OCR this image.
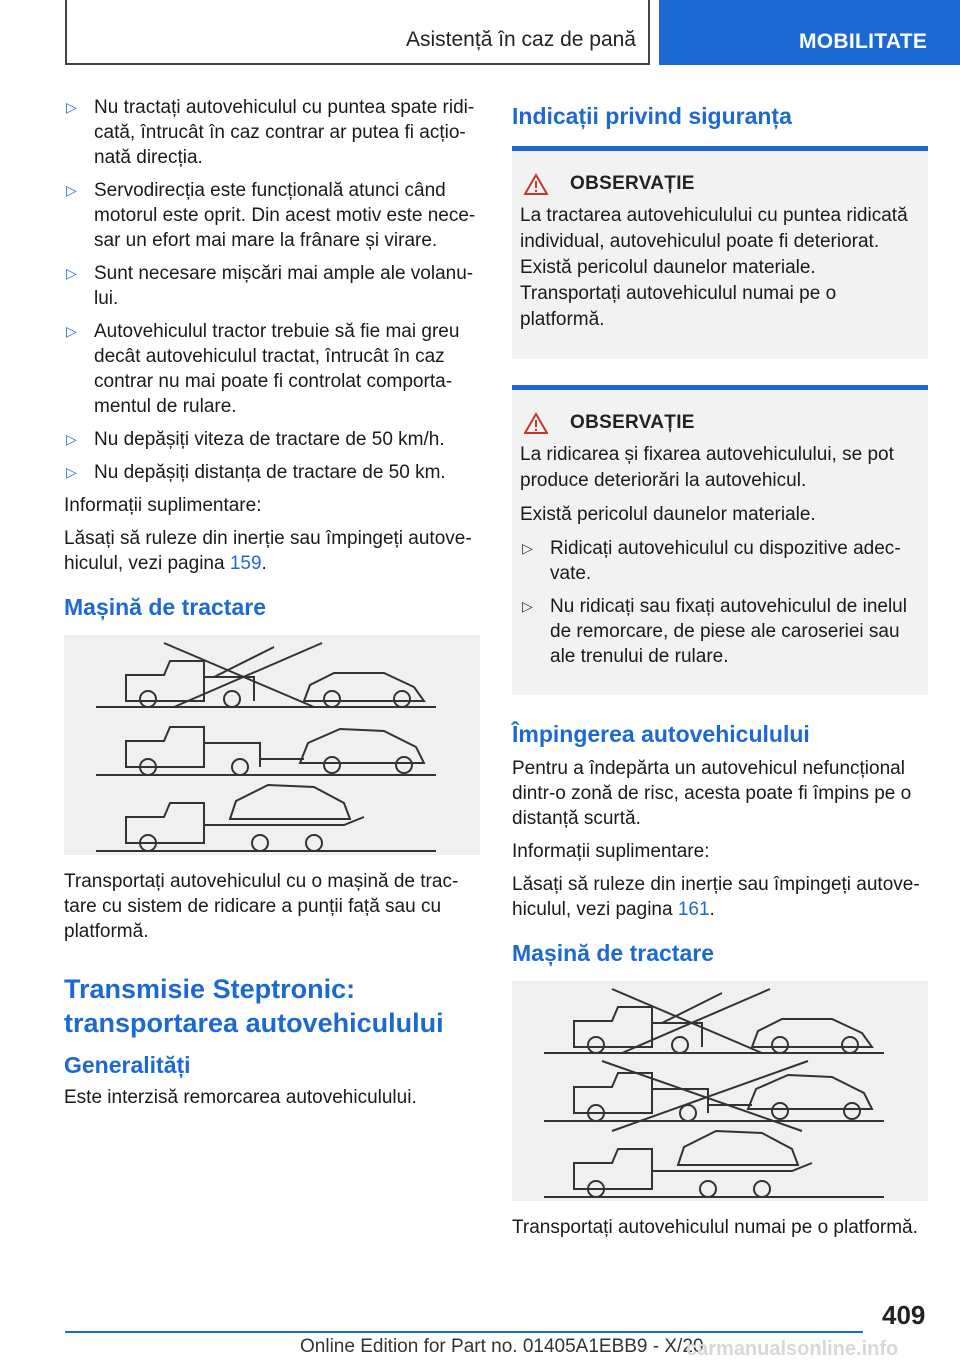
Asistență în caz de pană	MOBILITATE
▷ Nu tractați autovehiculul cu puntea spate ridicată, întrucât în caz contrar ar putea fi acționată direcția.
▷ Servodirecția este funcțională atunci când motorul este oprit. Din acest motiv este necesar un efort mai mare la frânare și virare.
▷ Sunt necesare mișcări mai ample ale volanului.
▷ Autovehiculul tractor trebuie să fie mai greu decât autovehiculul tractat, întrucât în caz contrar nu mai poate fi controlat comportamentul de rulare.
▷ Nu depășiți viteza de tractare de 50 km/h.
▷ Nu depășiți distanța de tractare de 50 km.

Informații suplimentare:

Lăsați să ruleze din inerție sau împingeți autovehiculul, vezi pagina 159.

Mașină de tractare

Transportați autovehiculul cu o mașină de tractare cu sistem de ridicare a punții față sau cu platformă.

Transmisie Steptronic: transportarea autovehiculului
Generalități

Este interzisă remorcarea autovehiculului.

Indicații privind siguranța
OBSERVAȚIE

La tractarea autovehiculului cu puntea ridicată individual, autovehiculul poate fi deteriorat. Există pericolul daunelor materiale. Transportați autovehiculul numai pe o platformă.

OBSERVAȚIE

La ridicarea și fixarea autovehiculului, se pot produce deteriorări la autovehicul.

Există pericolul daunelor materiale.

▷ Ridicați autovehiculul cu dispozitive adecvate.
▷ Nu ridicați sau fixați autovehiculul de inelul de remorcare, de piese ale caroseriei sau ale trenului de rulare.
Împingerea autovehiculului

Pentru a îndepărta un autovehicul nefuncțional dintr-o zonă de risc, acesta poate fi împins pe o distanță scurtă.

Informații suplimentare:

Lăsați să ruleze din inerție sau împingeți autovehiculul, vezi pagina 161.

Mașină de tractare

Transportați autovehiculul numai pe o platformă.

409
Online Edition for Part no. 01405A1EBB9 - X/20
carmanualsonline.info
